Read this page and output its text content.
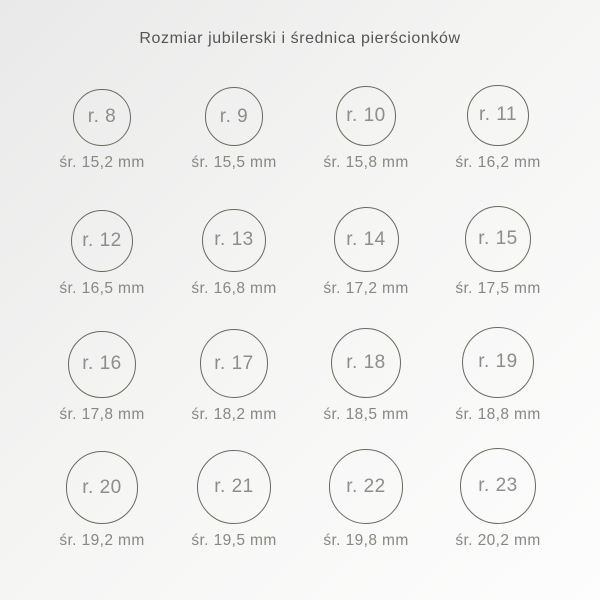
Rozmiar jubilerski i średnica pierścionków
r. 8
śr. 15,2 mm
r. 9
śr. 15,5 mm
r. 10
śr. 15,8 mm
r. 11
śr. 16,2 mm
r. 12
śr. 16,5 mm
r. 13
śr. 16,8 mm
r. 14
śr. 17,2 mm
r. 15
śr. 17,5 mm
r. 16
śr. 17,8 mm
r. 17
śr. 18,2 mm
r. 18
śr. 18,5 mm
r. 19
śr. 18,8 mm
r. 20
śr. 19,2 mm
r. 21
śr. 19,5 mm
r. 22
śr. 19,8 mm
r. 23
śr. 20,2 mm
